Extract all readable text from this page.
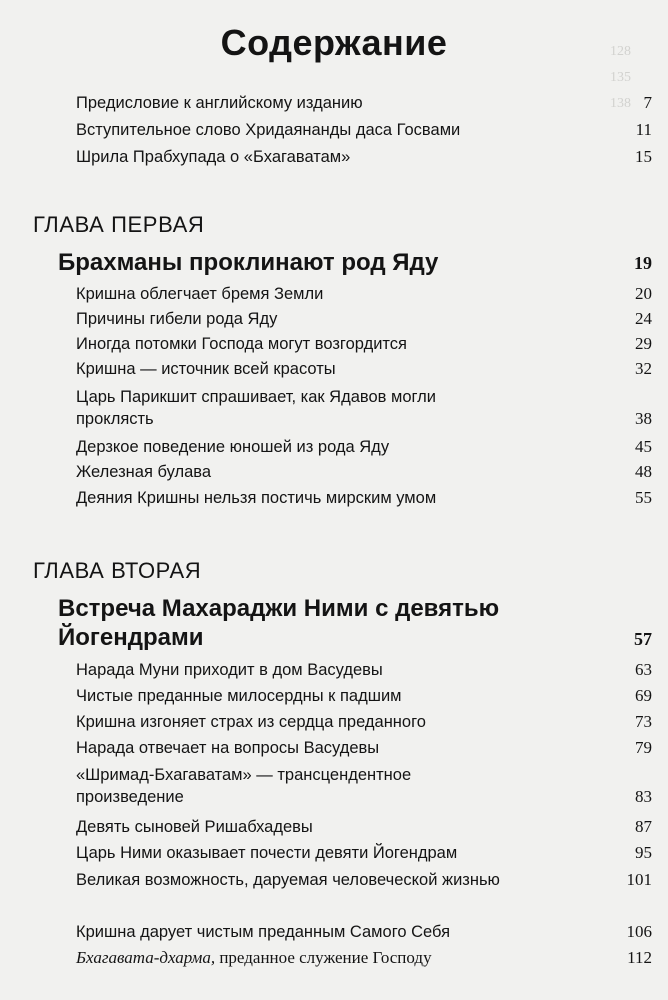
128
135
138
Содержание
Предисловие к английскому изданию	7
Вступительное слово Хридаянанды даса Госвами	11
Шрила Прабхупада о «Бхагаватам»	15
ГЛАВА ПЕРВАЯ
Брахманы проклинают род Яду	19
Кришна облегчает бремя Земли	20
Причины гибели рода Яду	24
Иногда потомки Господа могут возгордится	29
Кришна — источник всей красоты	32
Царь Парикшит спрашивает, как Ядавов могли проклясть	38
Дерзкое поведение юношей из рода Яду	45
Железная булава	48
Деяния Кришны нельзя постичь мирским умом	55
ГЛАВА ВТОРАЯ
Встреча Махараджи Ними с девятью Йогендрами	57
Нарада Муни приходит в дом Васудевы	63
Чистые преданные милосердны к падшим	69
Кришна изгоняет страх из сердца преданного	73
Нарада отвечает на вопросы Васудевы	79
«Шримад-Бхагаватам» — трансцендентное произведение	83
Девять сыновей Ришабхадевы	87
Царь Ними оказывает почести девяти Йогендрам	95
Великая возможность, даруемая человеческой жизнью	101
Кришна дарует чистым преданным Самого Себя	106
Бхагавата-дхарма, преданное служение Господу	112
